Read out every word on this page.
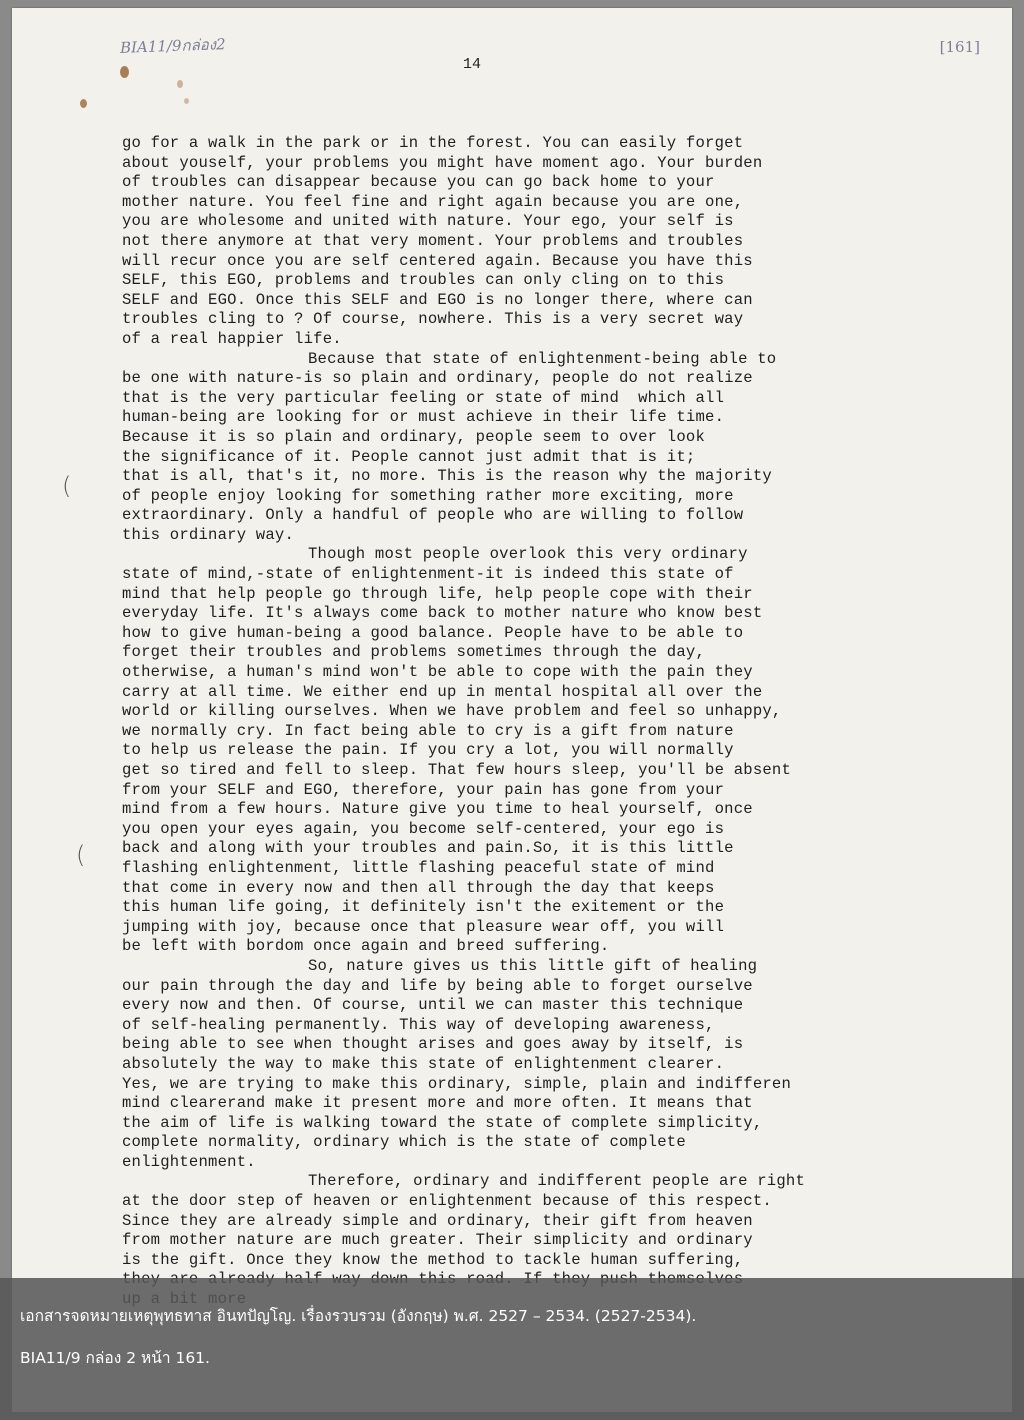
BIA11/9กล่อง2	[161]
14
(
(
go for a walk in the park or in the forest. You can easily forget
about youself, your problems you might have moment ago. Your burden
of troubles can disappear because you can go back home to your
mother nature. You feel fine and right again because you are one,
you are wholesome and united with nature. Your ego, your self is
not there anymore at that very moment. Your problems and troubles
will recur once you are self centered again. Because you have this
SELF, this EGO, problems and troubles can only cling on to this
SELF and EGO. Once this SELF and EGO is no longer there, where can
troubles cling to ? Of course, nowhere. This is a very secret way
of a real happier life.
Because that state of enlightenment-being able to
be one with nature-is so plain and ordinary, people do not realize
that is the very particular feeling or state of mind  which all
human-being are looking for or must achieve in their life time.
Because it is so plain and ordinary, people seem to over look
the significance of it. People cannot just admit that is it;
that is all, that's it, no more. This is the reason why the majority
of people enjoy looking for something rather more exciting, more
extraordinary. Only a handful of people who are willing to follow
this ordinary way.
Though most people overlook this very ordinary
state of mind,-state of enlightenment-it is indeed this state of
mind that help people go through life, help people cope with their
everyday life. It's always come back to mother nature who know best
how to give human-being a good balance. People have to be able to
forget their troubles and problems sometimes through the day,
otherwise, a human's mind won't be able to cope with the pain they
carry at all time. We either end up in mental hospital all over the
world or killing ourselves. When we have problem and feel so unhappy,
we normally cry. In fact being able to cry is a gift from nature
to help us release the pain. If you cry a lot, you will normally
get so tired and fell to sleep. That few hours sleep, you'll be absent
from your SELF and EGO, therefore, your pain has gone from your
mind from a few hours. Nature give you time to heal yourself, once
you open your eyes again, you become self-centered, your ego is
back and along with your troubles and pain.So, it is this little
flashing enlightenment, little flashing peaceful state of mind
that come in every now and then all through the day that keeps
this human life going, it definitely isn't the exitement or the
jumping with joy, because once that pleasure wear off, you will
be left with bordom once again and breed suffering.
So, nature gives us this little gift of healing
our pain through the day and life by being able to forget ourselve
every now and then. Of course, until we can master this technique
of self-healing permanently. This way of developing awareness,
being able to see when thought arises and goes away by itself, is
absolutely the way to make this state of enlightenment clearer.
Yes, we are trying to make this ordinary, simple, plain and indifferen
mind clearerand make it present more and more often. It means that
the aim of life is walking toward the state of complete simplicity,
complete normality, ordinary which is the state of complete
enlightenment.
Therefore, ordinary and indifferent people are right
at the door step of heaven or enlightenment because of this respect.
Since they are already simple and ordinary, their gift from heaven
from mother nature are much greater. Their simplicity and ordinary
is the gift. Once they know the method to tackle human suffering,
เอกสารจดหมายเหตุพุทธทาส อินทปัญโญ. เรื่องรวบรวม (อังกฤษ) พ.ศ. 2527 – 2534. (2527-2534).
BIA11/9 กล่อง 2 หน้า 161.
